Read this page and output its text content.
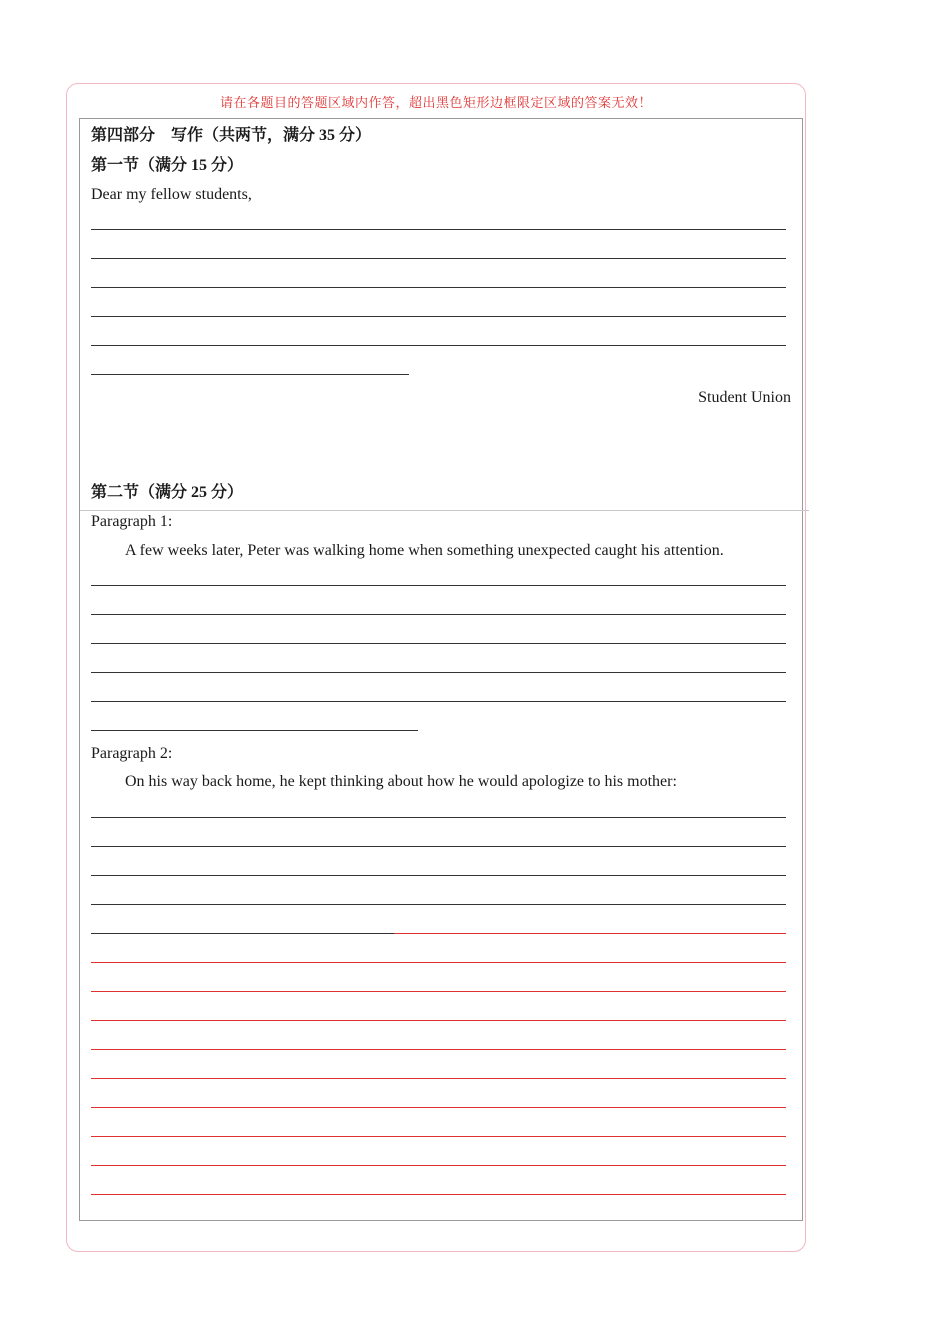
请在各题目的答题区域内作答，超出黑色矩形边框限定区域的答案无效！
第四部分　写作（共两节，满分 35 分）
第一节（满分 15 分）
Dear my fellow students,
Student Union
第二节（满分 25 分）
Paragraph 1:
A few weeks later, Peter was walking home when something unexpected caught his attention.
Paragraph 2:
On his way back home, he kept thinking about how he would apologize to his mother:
